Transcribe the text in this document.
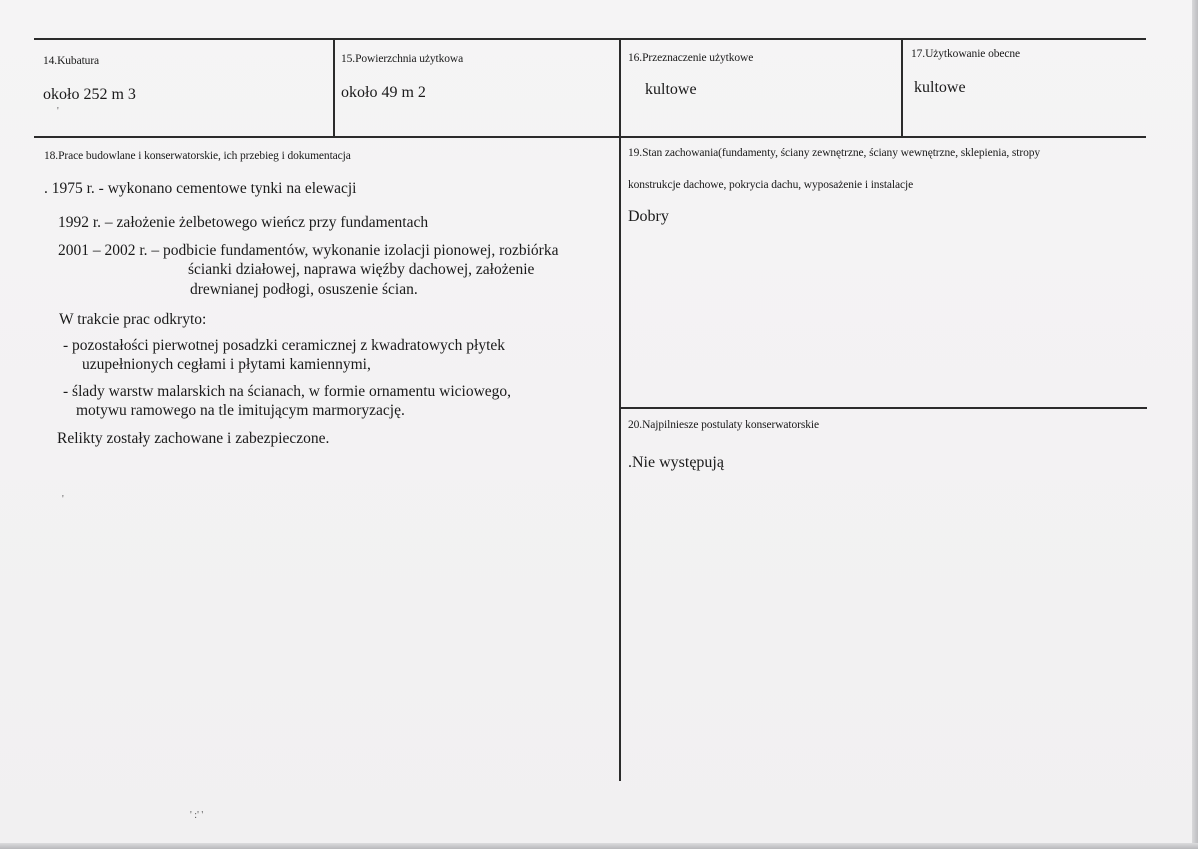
14.Kubatura
około 252 m 3
15.Powierzchnia użytkowa
około 49 m 2
16.Przeznaczenie użytkowe
kultowe
17.Użytkowanie obecne
kultowe
18.Prace budowlane i konserwatorskie, ich przebieg i dokumentacja
. 1975 r. - wykonano cementowe tynki na elewacji
1992 r. – założenie żelbetowego wieńcz przy fundamentach
2001 – 2002 r. – podbicie fundamentów, wykonanie izolacji pionowej, rozbiórka
ścianki działowej, naprawa więźby dachowej, założenie
drewnianej podłogi, osuszenie ścian.
W trakcie prac odkryto:
- pozostałości pierwotnej posadzki ceramicznej z kwadratowych płytek
uzupełnionych cegłami i płytami kamiennymi,
- ślady warstw malarskich na ścianach, w formie ornamentu wiciowego,
motywu ramowego na tle imitującym marmoryzację.
Relikty zostały zachowane i zabezpieczone.
19.Stan zachowania(fundamenty, ściany zewnętrzne, ściany wewnętrzne, sklepienia, stropy
konstrukcje dachowe, pokrycia dachu, wyposażenie i instalacje
Dobry
20.Najpilniesze postulaty konserwatorskie
.Nie występują
'
'
' :' '
